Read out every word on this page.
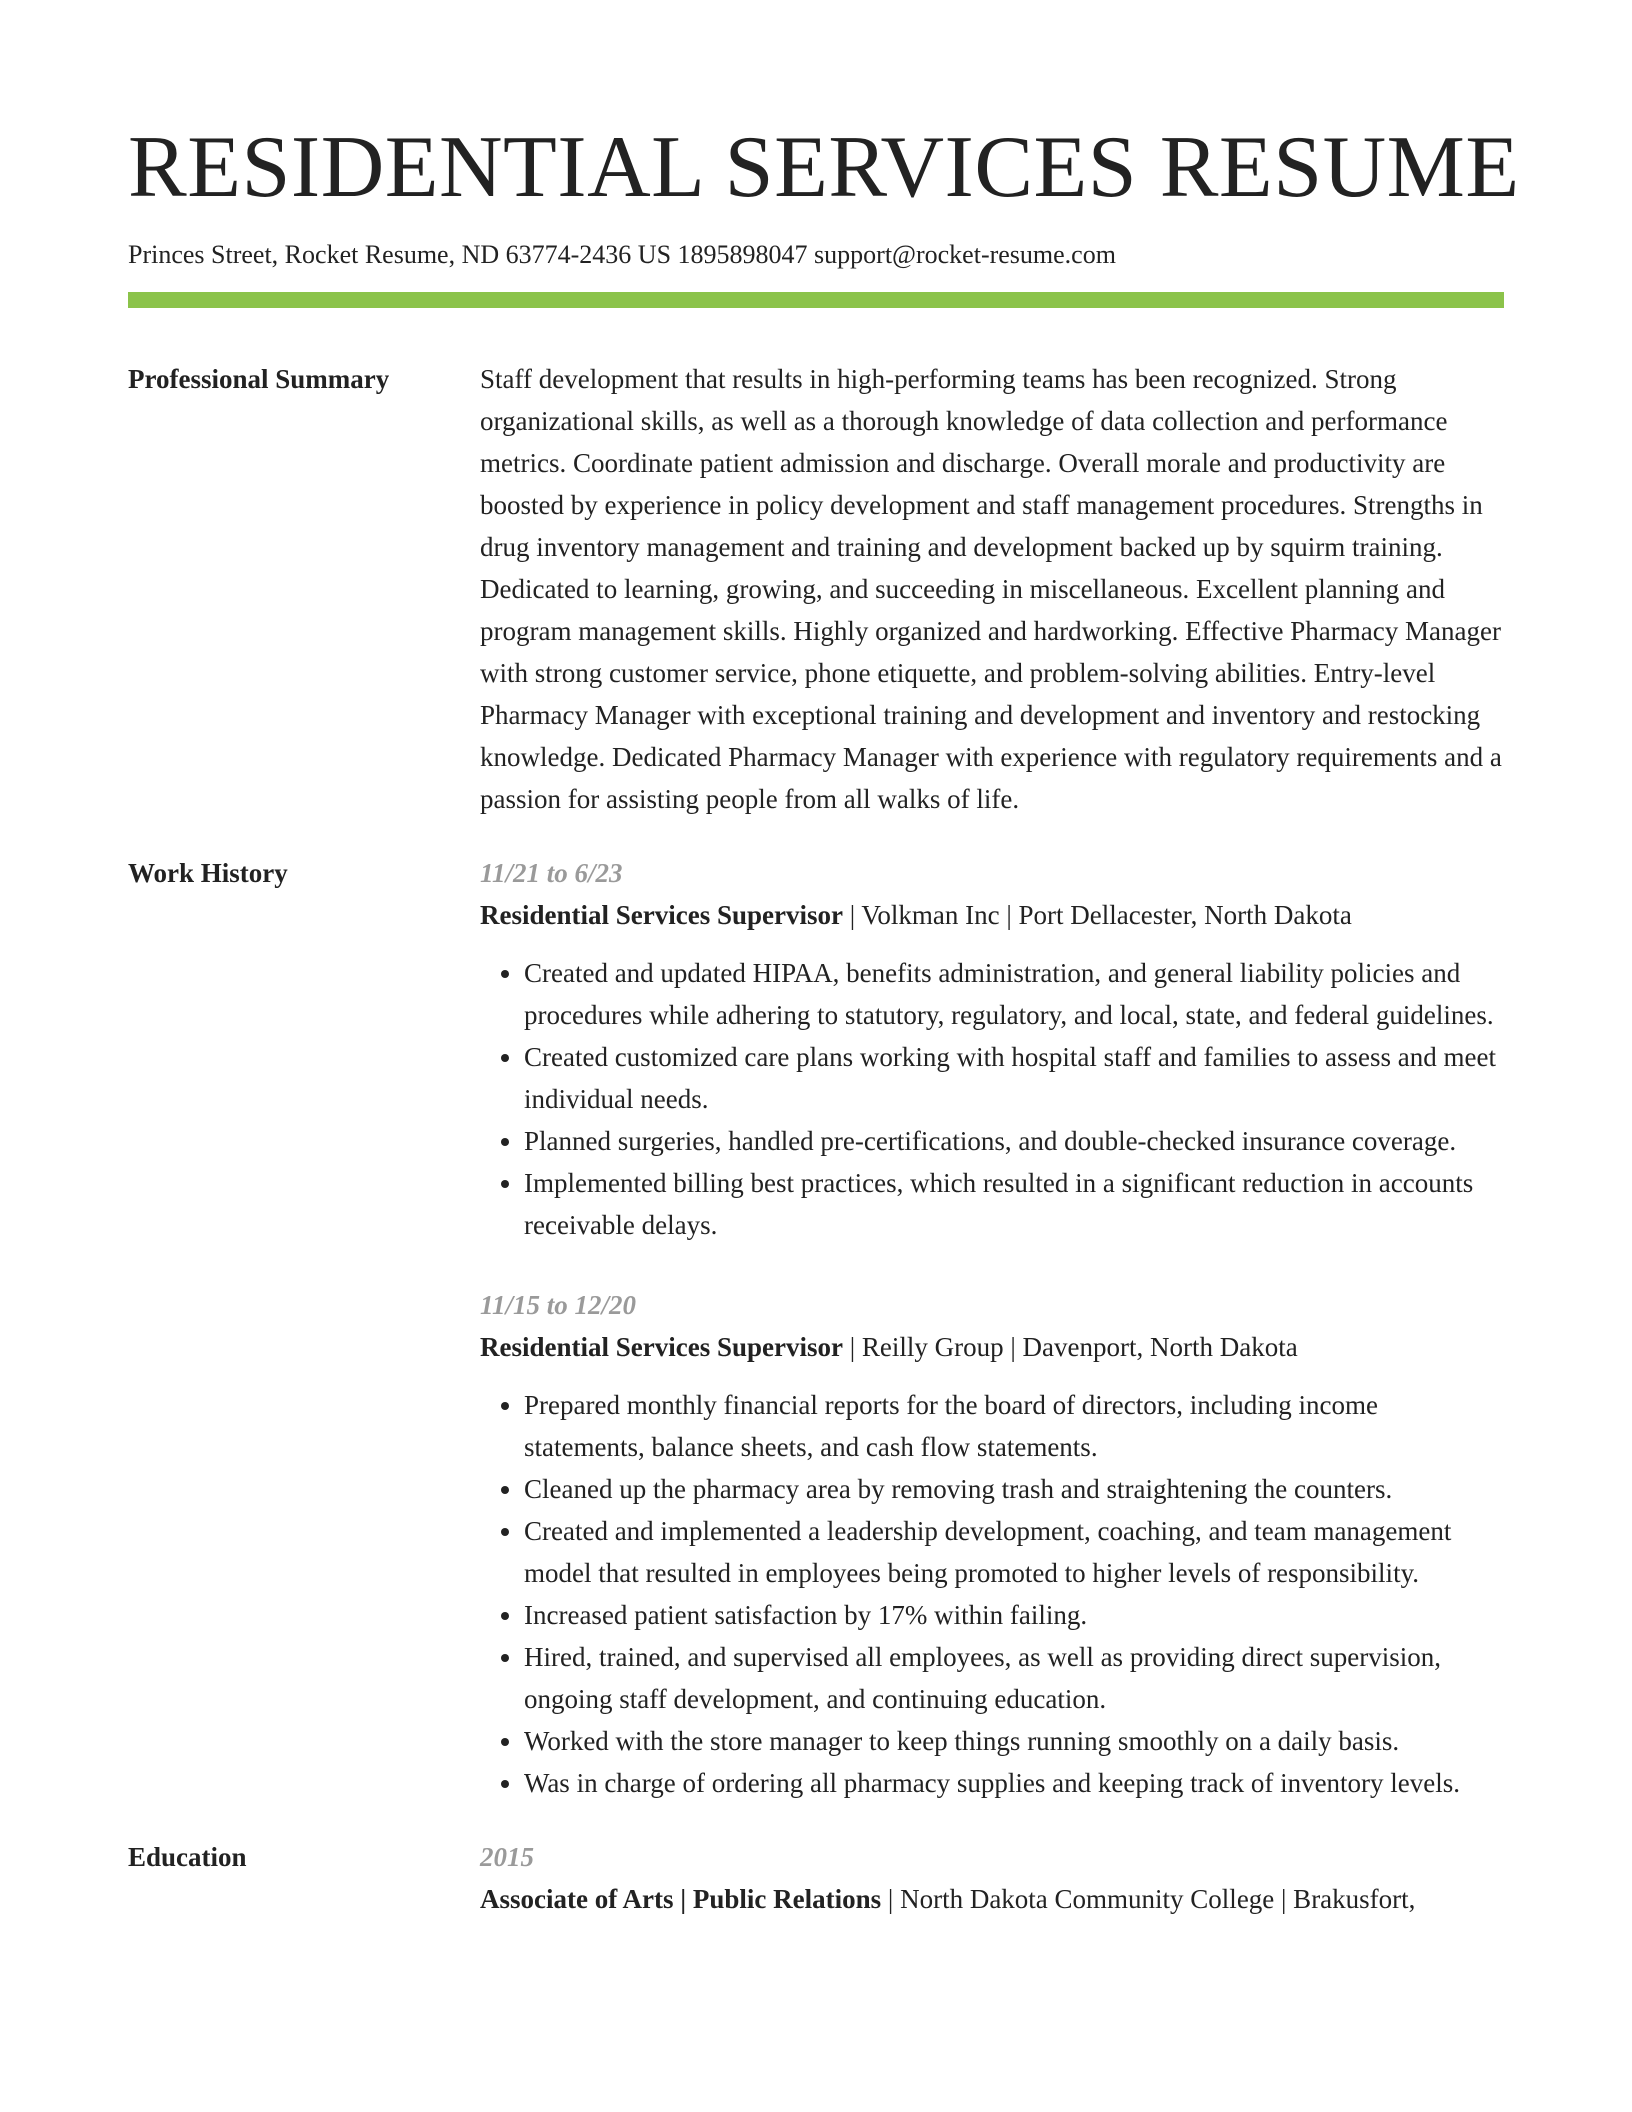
RESIDENTIAL SERVICES RESUME
Princes Street, Rocket Resume, ND 63774-2436 US 1895898047 support@rocket-resume.com
Professional Summary	Staff development that results in high-performing teams has been recognized. Strong organizational skills, as well as a thorough knowledge of data collection and performance metrics. Coordinate patient admission and discharge. Overall morale and productivity are boosted by experience in policy development and staff management procedures. Strengths in drug inventory management and training and development backed up by squirm training. Dedicated to learning, growing, and succeeding in miscellaneous. Excellent planning and program management skills. Highly organized and hardworking. Effective Pharmacy Manager with strong customer service, phone etiquette, and problem-solving abilities. Entry-level Pharmacy Manager with exceptional training and development and inventory and restocking knowledge. Dedicated Pharmacy Manager with experience with regulatory requirements and a passion for assisting people from all walks of life.
Work History	11/21 to 6/23
Residential Services Supervisor | Volkman Inc | Port Dellacester, North Dakota
• Created and updated HIPAA, benefits administration, and general liability policies and procedures while adhering to statutory, regulatory, and local, state, and federal guidelines.
• Created customized care plans working with hospital staff and families to assess and meet individual needs.
• Planned surgeries, handled pre-certifications, and double-checked insurance coverage.
• Implemented billing best practices, which resulted in a significant reduction in accounts receivable delays.
11/15 to 12/20
Residential Services Supervisor | Reilly Group | Davenport, North Dakota
• Prepared monthly financial reports for the board of directors, including income statements, balance sheets, and cash flow statements.
• Cleaned up the pharmacy area by removing trash and straightening the counters.
• Created and implemented a leadership development, coaching, and team management model that resulted in employees being promoted to higher levels of responsibility.
• Increased patient satisfaction by 17% within failing.
• Hired, trained, and supervised all employees, as well as providing direct supervision, ongoing staff development, and continuing education.
• Worked with the store manager to keep things running smoothly on a daily basis.
• Was in charge of ordering all pharmacy supplies and keeping track of inventory levels.
Education	2015
Associate of Arts | Public Relations | North Dakota Community College | Brakusfort,
